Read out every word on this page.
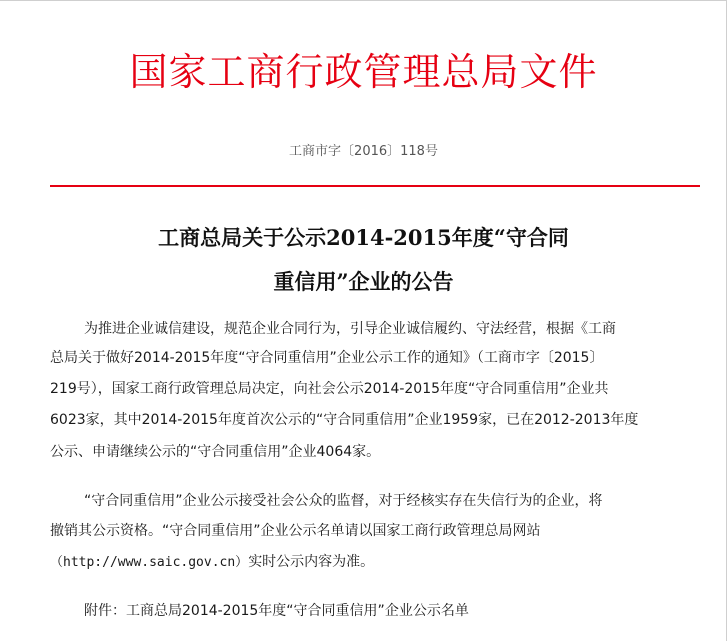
国家工商行政管理总局文件
工商市字〔2016〕118号
工商总局关于公示2014-2015年度“守合同
重信用”企业的公告
为推进企业诚信建设，规范企业合同行为，引导企业诚信履约、守法经营，根据《工商
总局关于做好2014-2015年度“守合同重信用”企业公示工作的通知》（工商市字〔2015〕
219号），国家工商行政管理总局决定，向社会公示2014-2015年度“守合同重信用”企业共
6023家，其中2014-2015年度首次公示的“守合同重信用”企业1959家，已在2012-2013年度
公示、申请继续公示的“守合同重信用”企业4064家。
“守合同重信用”企业公示接受社会公众的监督，对于经核实存在失信行为的企业，将
撤销其公示资格。“守合同重信用”企业公示名单请以国家工商行政管理总局网站
（http://www.saic.gov.cn）实时公示内容为准。
附件：工商总局2014-2015年度“守合同重信用”企业公示名单
